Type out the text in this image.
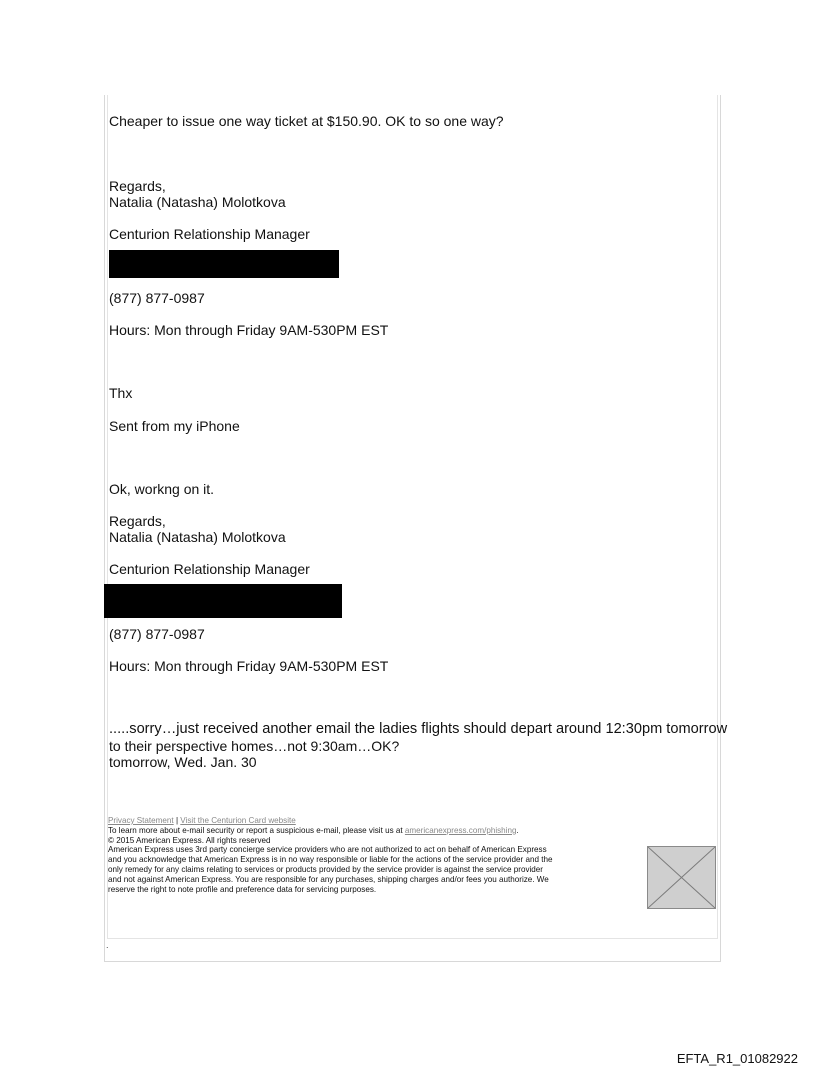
Cheaper to issue one way ticket at $150.90. OK to so one way?
Regards,
Natalia (Natasha) Molotkova
Centurion Relationship Manager
(877) 877-0987
Hours: Mon through Friday 9AM-530PM EST
Thx
Sent from my iPhone
Ok, workng on it.
Regards,
Natalia (Natasha) Molotkova
Centurion Relationship Manager
(877) 877-0987
Hours: Mon through Friday 9AM-530PM EST
.....sorry…just received another email the ladies flights should depart around 12:30pm tomorrow
to their perspective homes…not 9:30am…OK?
tomorrow, Wed. Jan. 30
Privacy Statement | Visit the Centurion Card website
To learn more about e-mail security or report a suspicious e-mail, please visit us at americanexpress.com/phishing.
© 2015 American Express. All rights reserved
American Express uses 3rd party concierge service providers who are not authorized to act on behalf of American Express
and you acknowledge that American Express is in no way responsible or liable for the actions of the service provider and the
only remedy for any claims relating to services or products provided by the service provider is against the service provider
and not against American Express. You are responsible for any purchases, shipping charges and/or fees you authorize. We
reserve the right to note profile and preference data for servicing purposes.
.
EFTA_R1_01082922
